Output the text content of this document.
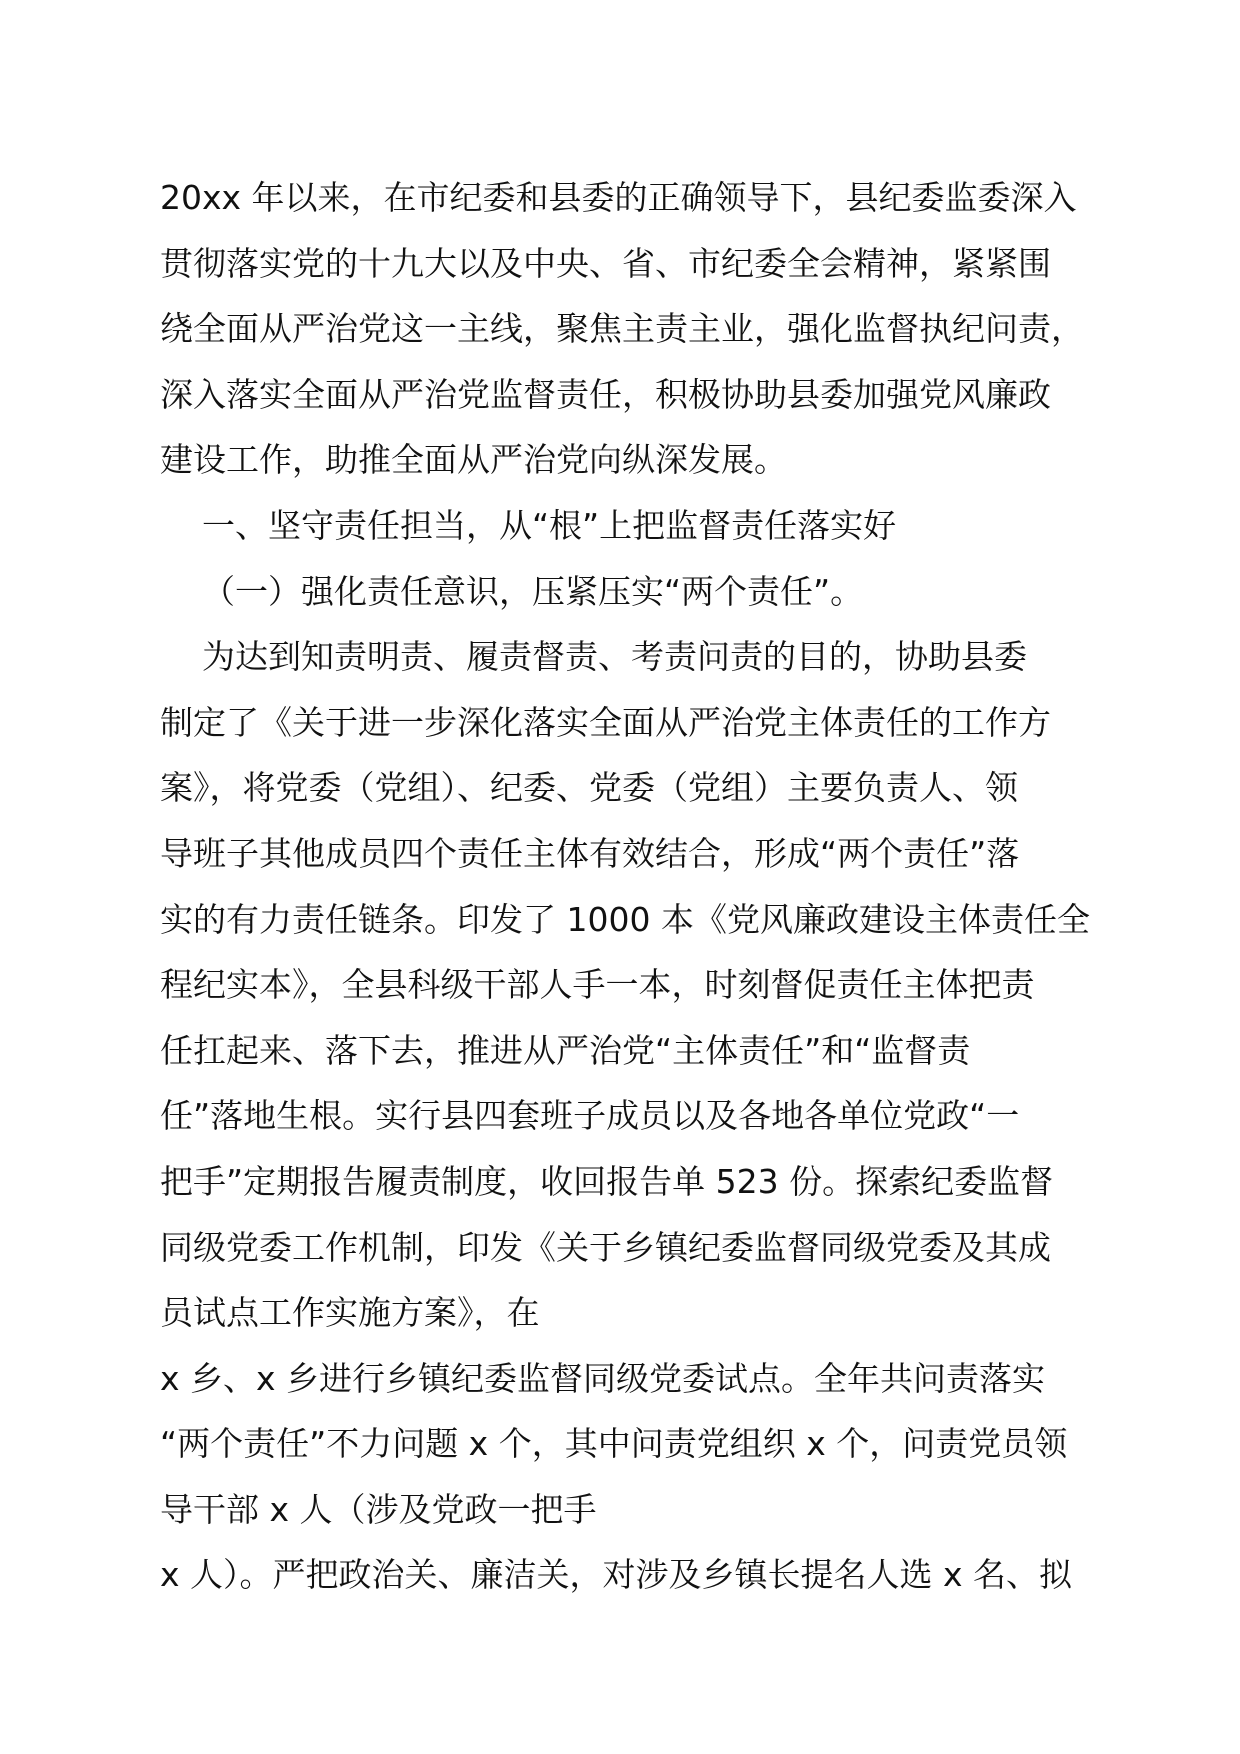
20xx 年以来，在市纪委和县委的正确领导下，县纪委监委深入
贯彻落实党的十九大以及中央、省、市纪委全会精神，紧紧围
绕全面从严治党这一主线，聚焦主责主业，强化监督执纪问责，
深入落实全面从严治党监督责任，积极协助县委加强党风廉政
建设工作，助推全面从严治党向纵深发展。
一、坚守责任担当，从“根”上把监督责任落实好
（一）强化责任意识，压紧压实“两个责任”。
为达到知责明责、履责督责、考责问责的目的，协助县委
制定了《关于进一步深化落实全面从严治党主体责任的工作方
案》，将党委（党组）、纪委、党委（党组）主要负责人、领
导班子其他成员四个责任主体有效结合，形成“两个责任”落
实的有力责任链条。印发了 1000 本《党风廉政建设主体责任全
程纪实本》，全县科级干部人手一本，时刻督促责任主体把责
任扛起来、落下去，推进从严治党“主体责任”和“监督责
任”落地生根。实行县四套班子成员以及各地各单位党政“一
把手”定期报告履责制度，收回报告单 523 份。探索纪委监督
同级党委工作机制，印发《关于乡镇纪委监督同级党委及其成
员试点工作实施方案》，在
x 乡、x 乡进行乡镇纪委监督同级党委试点。全年共问责落实
“两个责任”不力问题 x 个，其中问责党组织 x 个，问责党员领
导干部 x 人（涉及党政一把手
x 人）。严把政治关、廉洁关，对涉及乡镇长提名人选 x 名、拟
